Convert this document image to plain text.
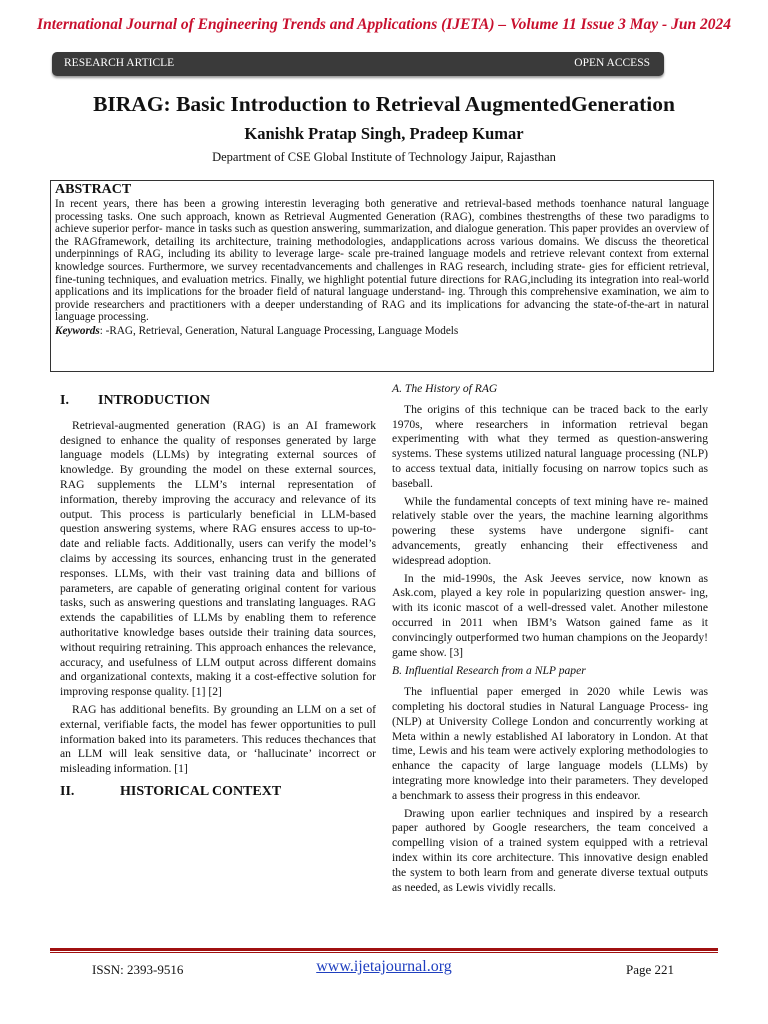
International Journal of Engineering Trends and Applications (IJETA) – Volume 11 Issue 3 May - Jun 2024
RESEARCH ARTICLE	OPEN ACCESS
BIRAG: Basic Introduction to Retrieval AugmentedGeneration
Kanishk Pratap Singh, Pradeep Kumar
Department of CSE Global Institute of Technology Jaipur, Rajasthan
ABSTRACT

In recent years, there has been a growing interestin leveraging both generative and retrieval-based methods toenhance natural language processing tasks. One such approach, known as Retrieval Augmented Generation (RAG), combines thestrengths of these two paradigms to achieve superior perfor- mance in tasks such as question answering, summarization, and dialogue generation. This paper provides an overview of the RAGframework, detailing its architecture, training methodologies, andapplications across various domains. We discuss the theoretical underpinnings of RAG, including its ability to leverage large- scale pre-trained language models and retrieve relevant context from external knowledge sources. Furthermore, we survey recentadvancements and challenges in RAG research, including strate- gies for efficient retrieval, fine-tuning techniques, and evaluation metrics. Finally, we highlight potential future directions for RAG,including its integration into real-world applications and its implications for the broader field of natural language understand- ing. Through this comprehensive examination, we aim to provide researchers and practitioners with a deeper understanding of RAG and its implications for advancing the state-of-the-art in natural language processing.

Keywords: -RAG, Retrieval, Generation, Natural Language Processing, Language Models
I.	INTRODUCTION

Retrieval-augmented generation (RAG) is an AI framework designed to enhance the quality of responses generated by large language models (LLMs) by integrating external sources of knowledge. By grounding the model on these external sources, RAG supplements the LLM’s internal representation of information, thereby improving the accuracy and relevance of its output. This process is particularly beneficial in LLM-based question answering systems, where RAG ensures access to up-to-date and reliable facts. Additionally, users can verify the model’s claims by accessing its sources, enhancing trust in the generated responses. LLMs, with their vast training data and billions of parameters, are capable of generating original content for various tasks, such as answering questions and translating languages. RAG extends the capabilities of LLMs by enabling them to reference authoritative knowledge bases outside their training data sources, without requiring retraining. This approach enhances the relevance, accuracy, and usefulness of LLM output across different domains and organizational contexts, making it a cost-effective solution for improving response quality. [1] [2]

RAG has additional benefits. By grounding an LLM on a set of external, verifiable facts, the model has fewer opportunities to pull information baked into its parameters. This reduces thechances that an LLM will leak sensitive data, or ‘hallucinate’ incorrect or misleading information. [1]

II.	HISTORICAL CONTEXT
A. The History of RAG

The origins of this technique can be traced back to the early 1970s, where researchers in information retrieval began experimenting with what they termed as question-answering systems. These systems utilized natural language processing (NLP) to access textual data, initially focusing on narrow topics such as baseball.

While the fundamental concepts of text mining have re- mained relatively stable over the years, the machine learning algorithms powering these systems have undergone signifi- cant advancements, greatly enhancing their effectiveness and widespread adoption.

In the mid-1990s, the Ask Jeeves service, now known as Ask.com, played a key role in popularizing question answer- ing, with its iconic mascot of a well-dressed valet. Another milestone occurred in 2011 when IBM’s Watson gained fame as it convincingly outperformed two human champions on the Jeopardy! game show. [3]

B. Influential Research from a NLP paper

The influential paper emerged in 2020 while Lewis was completing his doctoral studies in Natural Language Process- ing (NLP) at University College London and concurrently working at Meta within a newly established AI laboratory in London. At that time, Lewis and his team were actively exploring methodologies to enhance the capacity of large language models (LLMs) by integrating more knowledge into their parameters. They developed a benchmark to assess their progress in this endeavor.

Drawing upon earlier techniques and inspired by a research paper authored by Google researchers, the team conceived a compelling vision of a trained system equipped with a retrieval index within its core architecture. This innovative design enabled the system to both learn from and generate diverse textual outputs as needed, as Lewis vividly recalls.

ISSN: 2393-9516	www.ijetajournal.org	Page 221
